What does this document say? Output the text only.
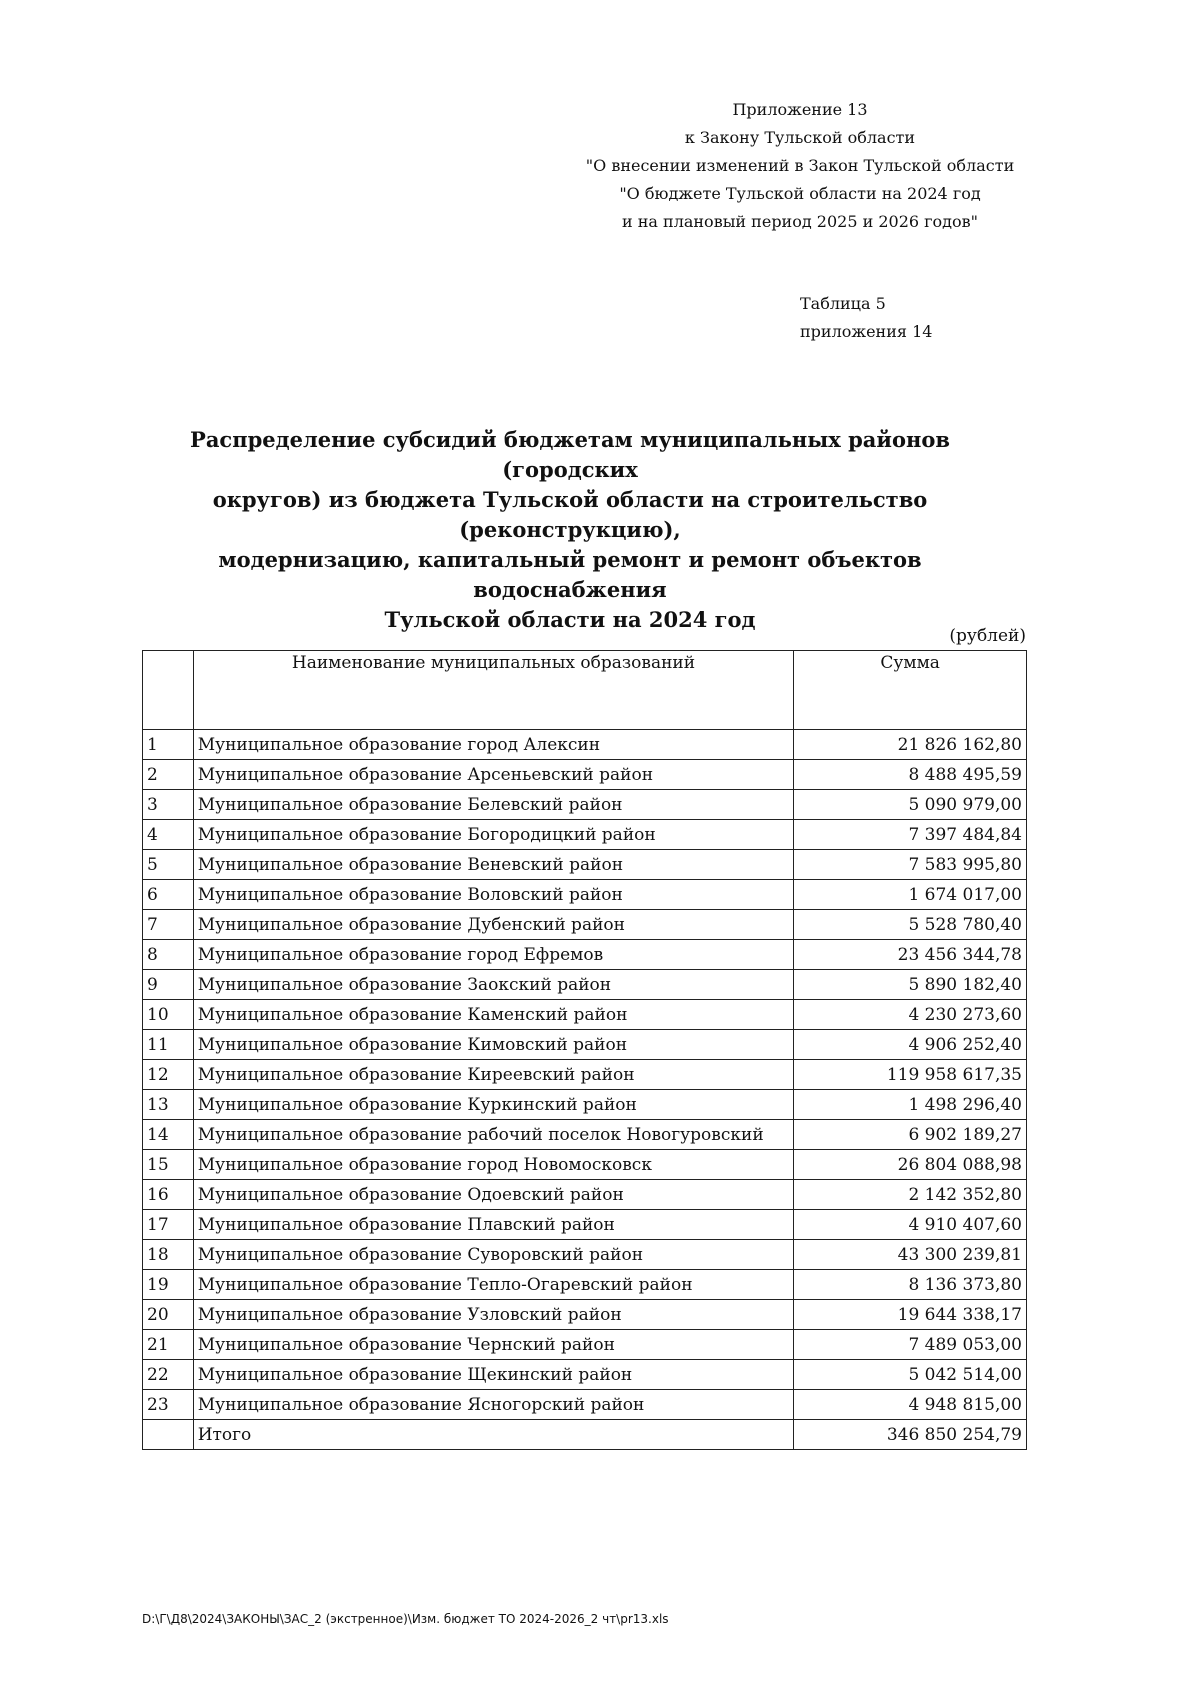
Приложение 13
к Закону Тульской области
"О внесении изменений в Закон Тульской области
"О бюджете Тульской области на 2024 год
и на плановый период 2025 и 2026 годов"
Таблица 5
приложения 14
Распределение субсидий бюджетам муниципальных районов (городских
округов) из бюджета Тульской области на строительство (реконструкцию),
модернизацию, капитальный ремонт и ремонт объектов водоснабжения
Тульской области на 2024 год
(рублей)
	Наименование муниципальных образований	Сумма
1	Муниципальное образование город Алексин	21 826 162,80
2	Муниципальное образование Арсеньевский район	8 488 495,59
3	Муниципальное образование Белевский район	5 090 979,00
4	Муниципальное образование Богородицкий район	7 397 484,84
5	Муниципальное образование Веневский район	7 583 995,80
6	Муниципальное образование Воловский район	1 674 017,00
7	Муниципальное образование Дубенский район	5 528 780,40
8	Муниципальное образование город Ефремов	23 456 344,78
9	Муниципальное образование Заокский район	5 890 182,40
10	Муниципальное образование Каменский район	4 230 273,60
11	Муниципальное образование Кимовский район	4 906 252,40
12	Муниципальное образование Киреевский район	119 958 617,35
13	Муниципальное образование Куркинский район	1 498 296,40
14	Муниципальное образование рабочий поселок Новогуровский	6 902 189,27
15	Муниципальное образование город Новомосковск	26 804 088,98
16	Муниципальное образование Одоевский район	2 142 352,80
17	Муниципальное образование Плавский район	4 910 407,60
18	Муниципальное образование Суворовский район	43 300 239,81
19	Муниципальное образование Тепло-Огаревский район	8 136 373,80
20	Муниципальное образование Узловский район	19 644 338,17
21	Муниципальное образование Чернский район	7 489 053,00
22	Муниципальное образование Щекинский район	5 042 514,00
23	Муниципальное образование Ясногорский район	4 948 815,00
	Итого	346 850 254,79
D:\Г\Д8\2024\ЗАКОНЫ\ЗАС_2 (экстренное)\Изм. бюджет ТО 2024-2026_2 чт\pr13.xls
